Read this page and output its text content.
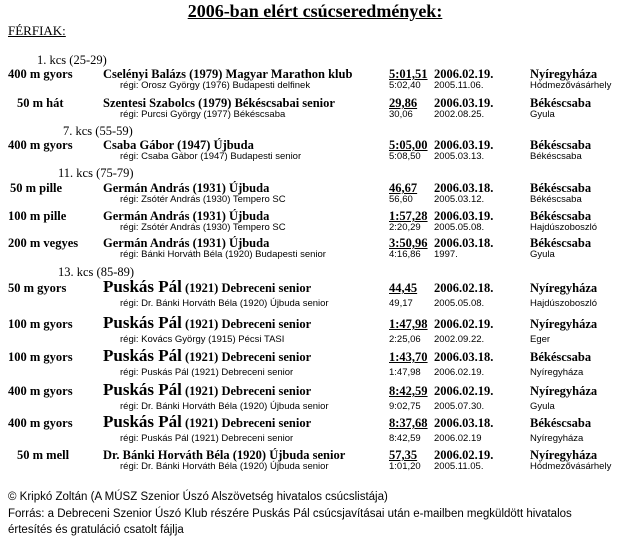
2006-ban elért csúcseredmények:
FÉRFIAK:
1. kcs (25-29)
7. kcs (55-59)
11. kcs (75-79)
13. kcs (85-89)
400 m gyors Cselényi Balázs (1979) Magyar Marathon klub	5:01,51 2006.02.19.	Nyíregyháza
régi: Orosz György (1976) Budapesti delfinek	5:02,40 2005.11.06.	Hódmezővásárhely
50 m hát	Szentesi Szabolcs (1979) Békéscsabai senior	29,86 2006.03.19.	Békéscsaba
régi: Purcsi György (1977) Békéscsaba	30,06 2002.08.25.	Gyula
400 m gyors Csaba Gábor (1947) Újbuda	5:05,00 2006.03.19.	Békéscsaba
régi: Csaba Gábor (1947) Budapesti senior	5:08,50 2005.03.13.	Békéscsaba
50 m pille	Germán András (1931) Újbuda	46,67 2006.03.18.	Békéscsaba
régi: Zsótér András (1930) Tempero SC	56,60 2005.03.12.	Békéscsaba
100 m pille	Germán András (1931) Újbuda	1:57,28 2006.03.19.	Békéscsaba
régi: Zsótér András (1930) Tempero SC	2:20,29 2005.05.08.	Hajdúszoboszló
200 m vegyes Germán András (1931) Újbuda	3:50,96 2006.03.18.	Békéscsaba
régi: Bánki Horváth Béla (1920) Budapesti senior	4:16,86 1997.	Gyula
50 m gyors Puskás Pál (1921) Debreceni senior	44,45 2006.02.18.	Nyíregyháza
régi: Dr. Bánki Horváth Béla (1920) Újbuda senior	49,17 2005.05.08.	Hajdúszoboszló
100 m gyors Puskás Pál (1921) Debreceni senior	1:47,98 2006.02.19.	Nyíregyháza
régi: Kovács György (1915) Pécsi TASI	2:25,06 2002.09.22.	Eger
100 m gyors Puskás Pál (1921) Debreceni senior	1:43,70 2006.03.18.	Békéscsaba
régi: Puskás Pál (1921) Debreceni senior	1:47,98 2006.02.19.	Nyíregyháza
400 m gyors Puskás Pál (1921) Debreceni senior	8:42,59 2006.02.19.	Nyíregyháza
régi: Dr. Bánki Horváth Béla (1920) Újbuda senior	9:02,75 2005.07.30.	Gyula
400 m gyors Puskás Pál (1921) Debreceni senior	8:37,68 2006.03.18.	Békéscsaba
régi: Puskás Pál (1921) Debreceni senior	8:42,59 2006.02.19	Nyíregyháza
50 m mell	Dr. Bánki Horváth Béla (1920) Újbuda senior	57,35 2006.02.19.	Nyíregyháza
régi: Dr. Bánki Horváth Béla (1920) Újbuda senior	1:01,20 2005.11.05.	Hódmezővásárhely
© Kripkó Zoltán (A MÚSZ Szenior Úszó Alszövetség hivatalos csúcslistája)
Forrás: a Debreceni Szenior Úszó Klub részére Puskás Pál csúcsjavításai után e-mailben megküldött hivatalos
értesítés és gratuláció csatolt fájlja
